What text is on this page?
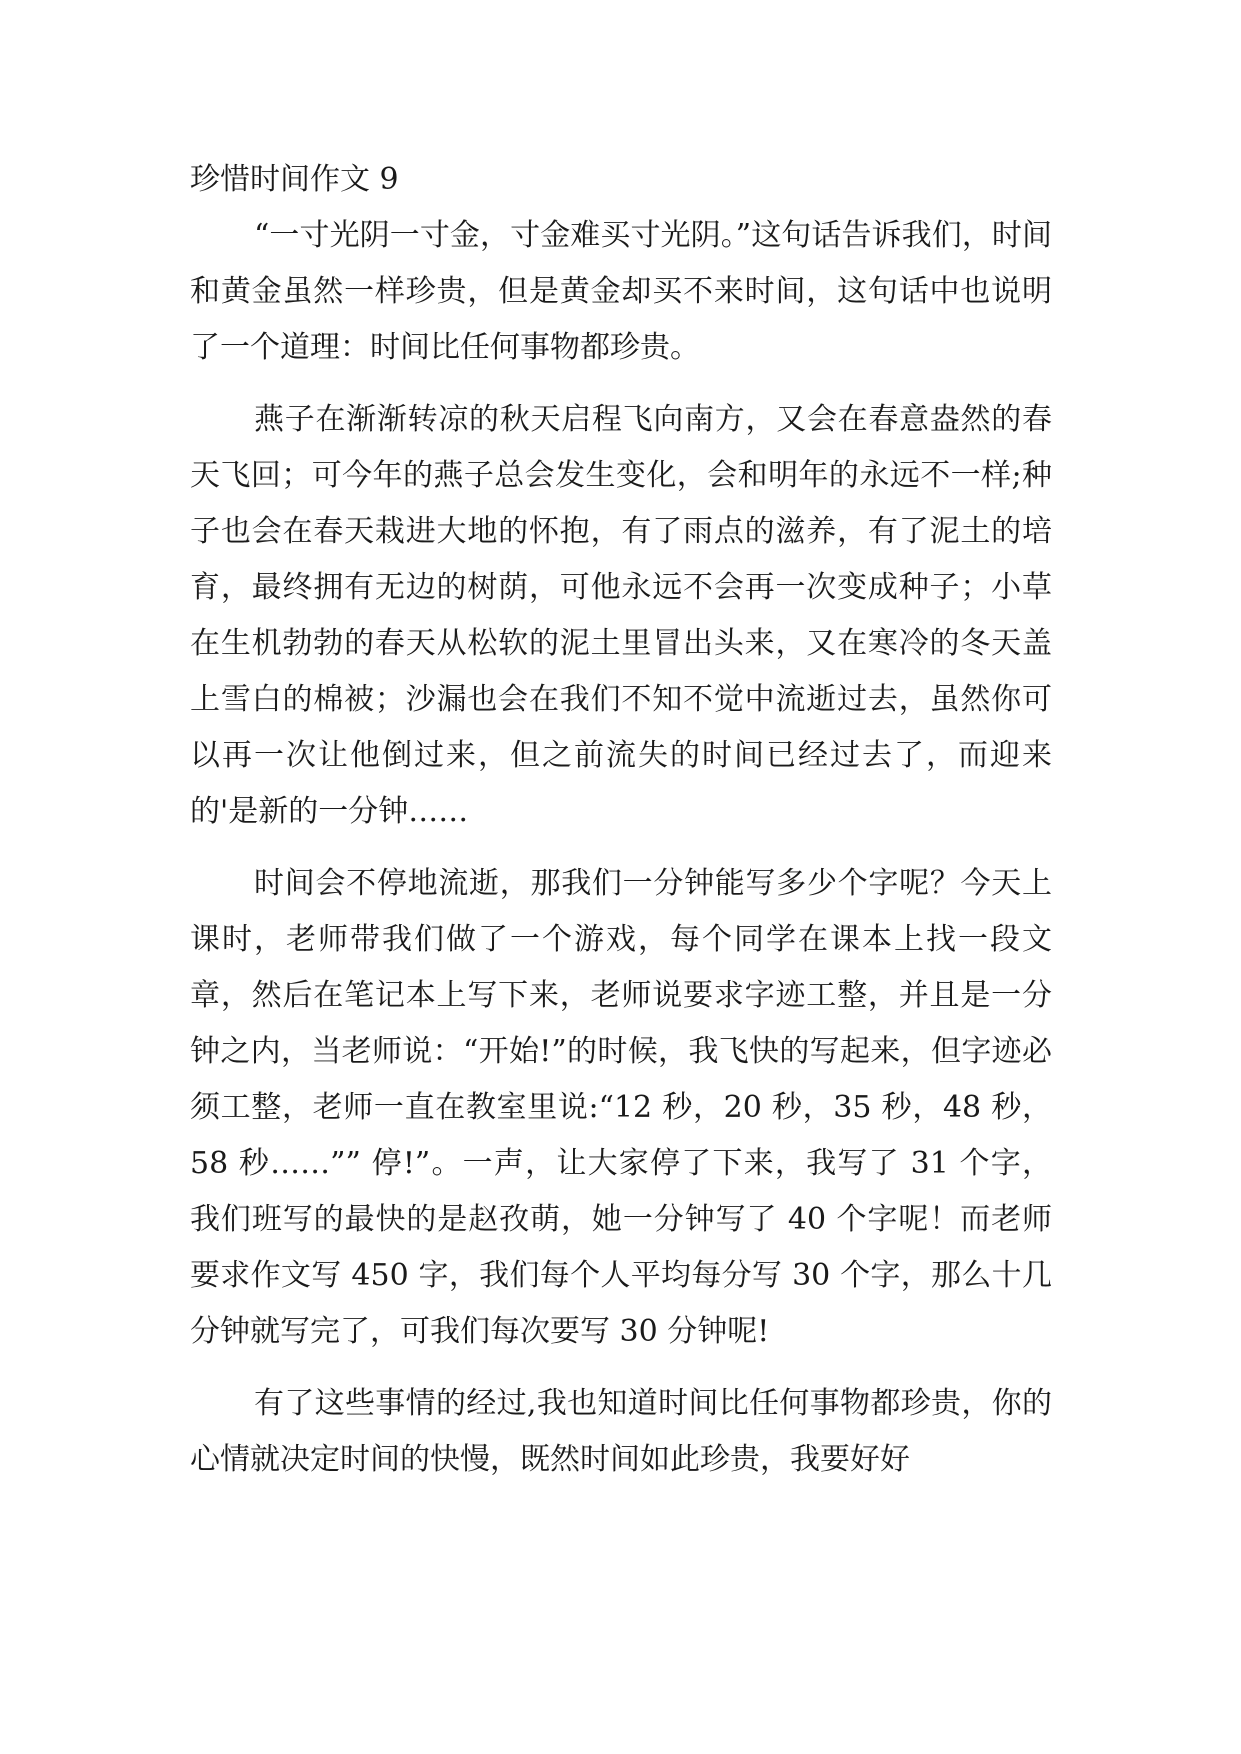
珍惜时间作文 9

“一寸光阴一寸金，寸金难买寸光阴。”这句话告诉我们，时间和黄金虽然一样珍贵，但是黄金却买不来时间，这句话中也说明了一个道理：时间比任何事物都珍贵。

燕子在渐渐转凉的秋天启程飞向南方，又会在春意盎然的春天飞回；可今年的燕子总会发生变化，会和明年的永远不一样;种子也会在春天栽进大地的怀抱，有了雨点的滋养，有了泥土的培育，最终拥有无边的树荫，可他永远不会再一次变成种子；小草在生机勃勃的春天从松软的泥土里冒出头来，又在寒冷的冬天盖上雪白的棉被；沙漏也会在我们不知不觉中流逝过去，虽然你可以再一次让他倒过来，但之前流失的时间已经过去了，而迎来的'是新的一分钟……

时间会不停地流逝，那我们一分钟能写多少个字呢？今天上课时，老师带我们做了一个游戏，每个同学在课本上找一段文章，然后在笔记本上写下来，老师说要求字迹工整，并且是一分钟之内，当老师说：“开始!”的时候，我飞快的写起来，但字迹必须工整，老师一直在教室里说:“12 秒，20 秒，35 秒，48 秒，58 秒……”” 停!”。一声，让大家停了下来，我写了 31 个字，我们班写的最快的是赵孜萌，她一分钟写了 40 个字呢！而老师要求作文写 450 字，我们每个人平均每分写 30 个字，那么十几分钟就写完了，可我们每次要写 30 分钟呢!

有了这些事情的经过,我也知道时间比任何事物都珍贵，你的心情就决定时间的快慢，既然时间如此珍贵，我要好好
